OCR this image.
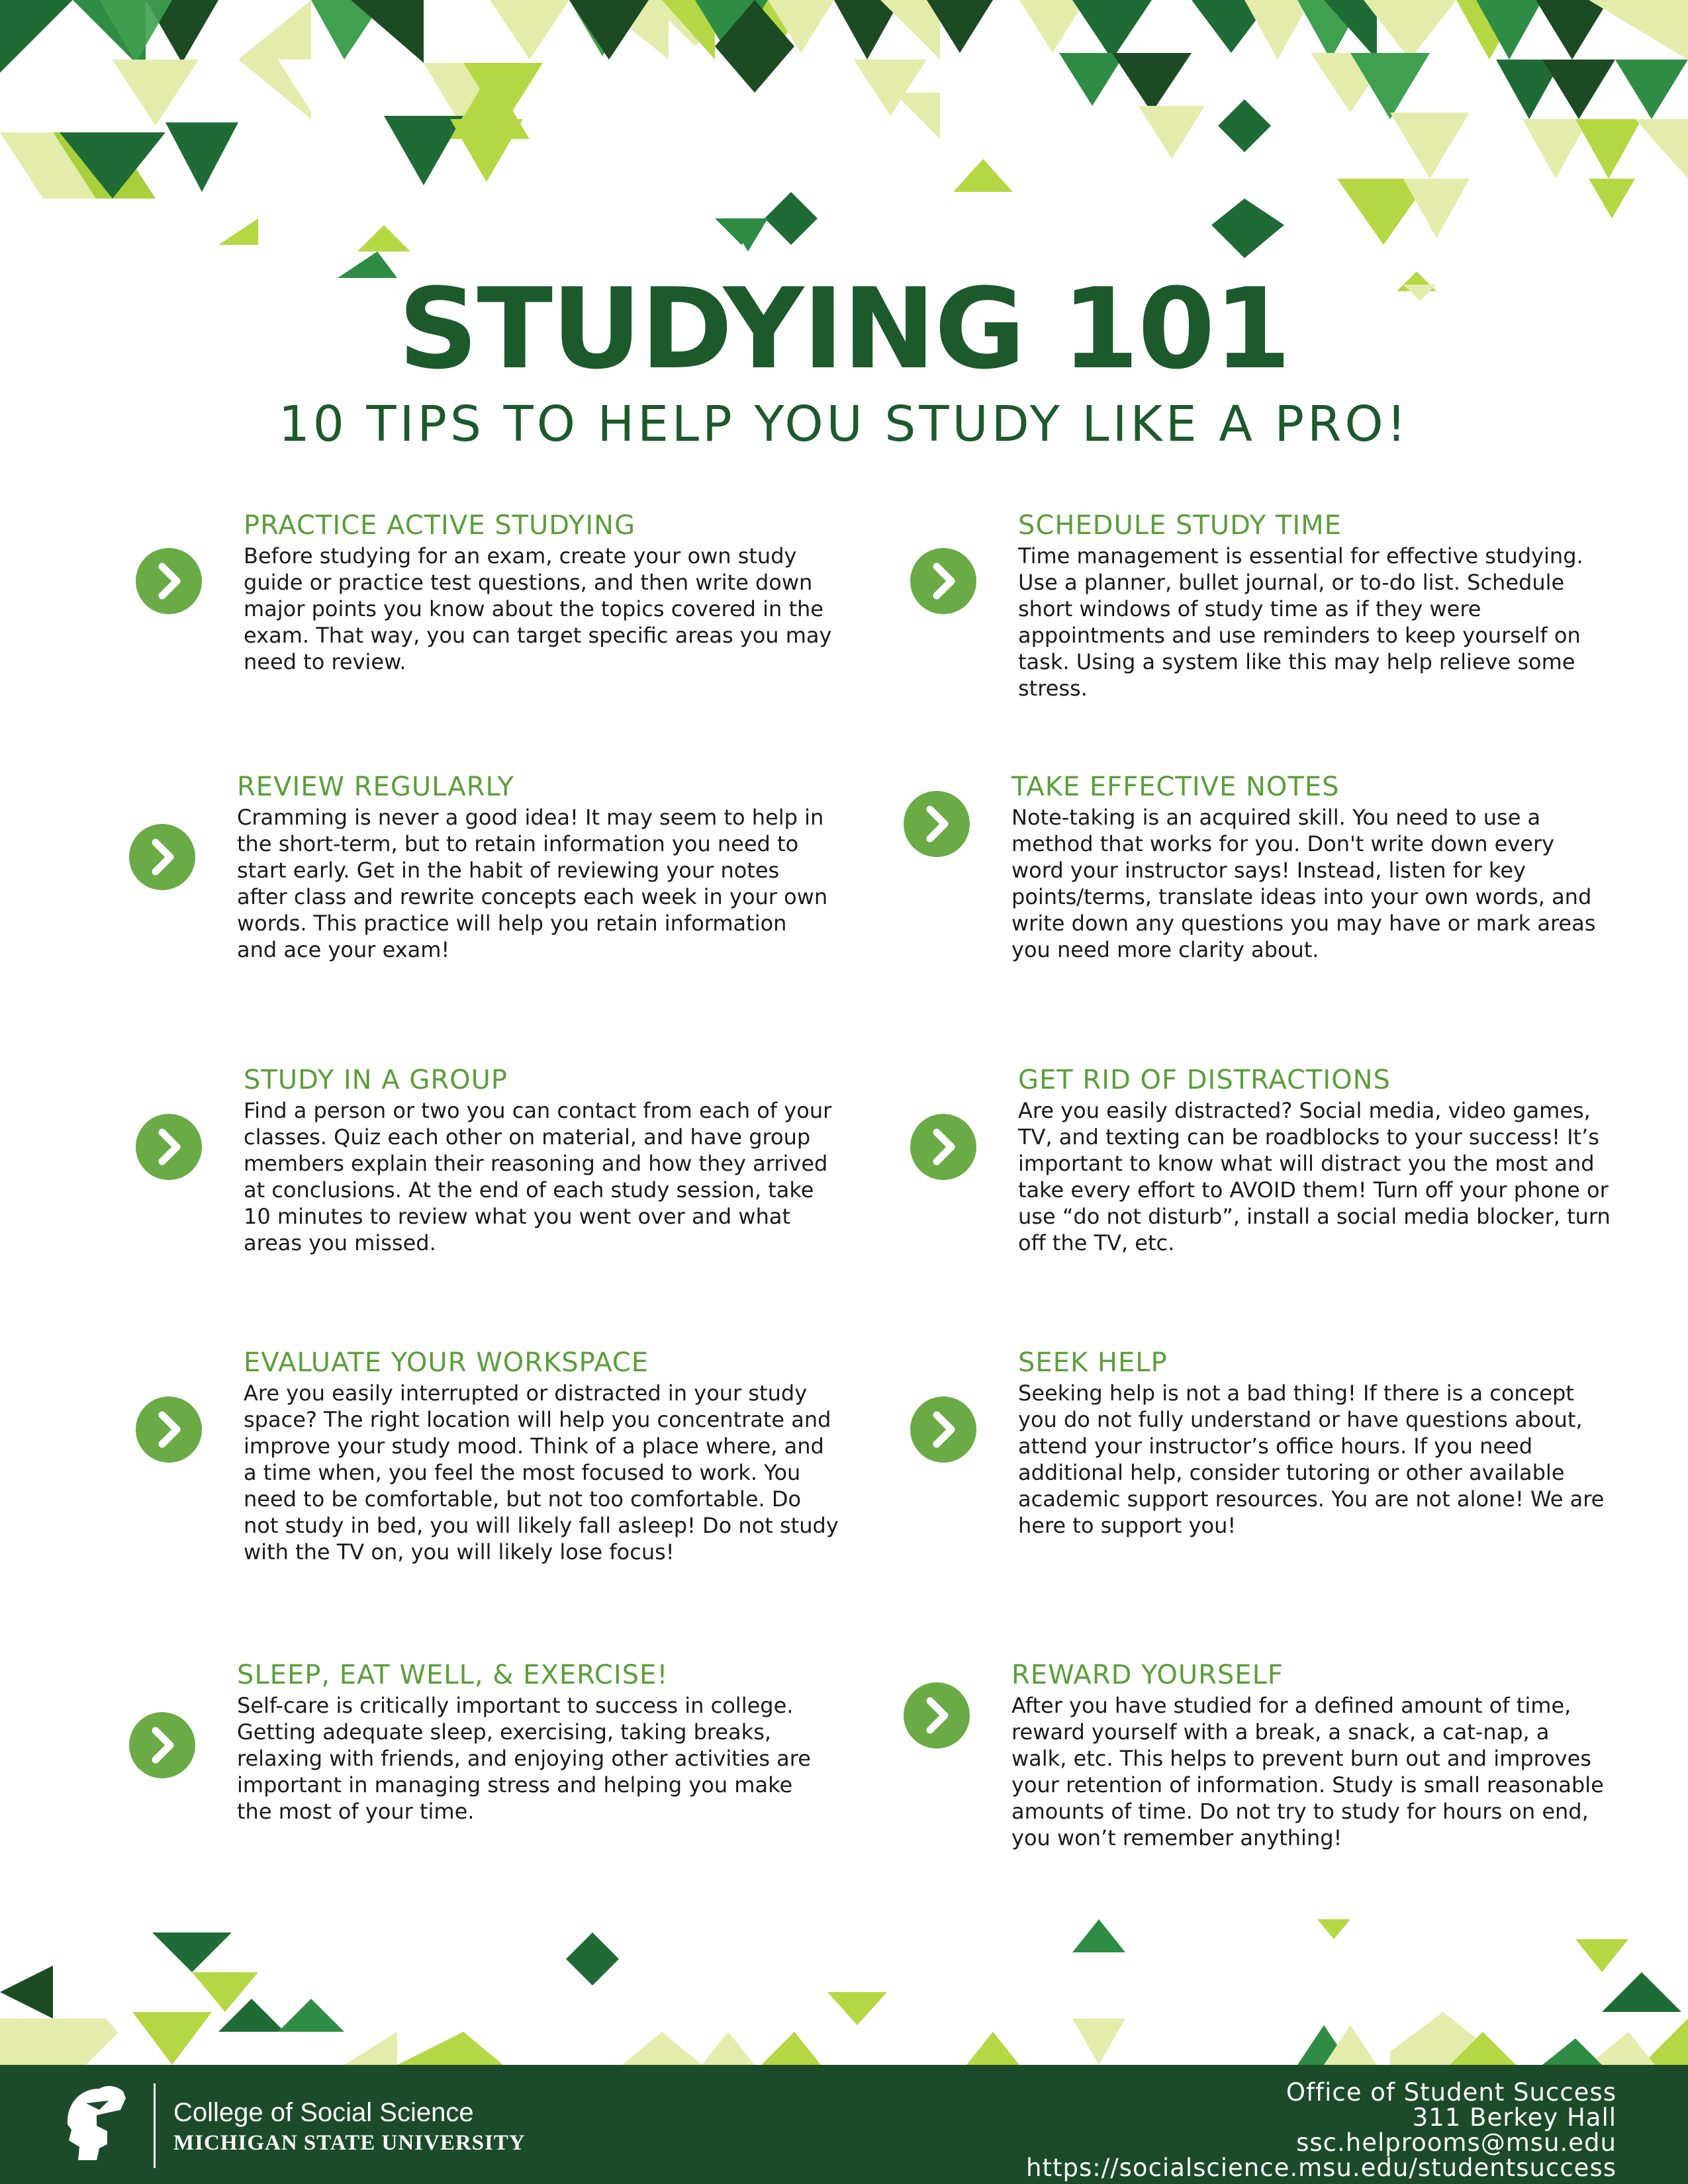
STUDYING 101
10 TIPS TO HELP YOU STUDY LIKE A PRO!
PRACTICE ACTIVE STUDYING

Before studying for an exam, create your own study guide or practice test questions, and then write down major points you know about the topics covered in the exam. That way, you can target specific areas you may need to review.

REVIEW REGULARLY

Cramming is never a good idea! It may seem to help in the short-term, but to retain information you need to start early. Get in the habit of reviewing your notes after class and rewrite concepts each week in your own words. This practice will help you retain information and ace your exam!

STUDY IN A GROUP

Find a person or two you can contact from each of your classes. Quiz each other on material, and have group members explain their reasoning and how they arrived at conclusions. At the end of each study session, take 10 minutes to review what you went over and what areas you missed.

EVALUATE YOUR WORKSPACE

Are you easily interrupted or distracted in your study space? The right location will help you concentrate and improve your study mood. Think of a place where, and a time when, you feel the most focused to work. You need to be comfortable, but not too comfortable. Do not study in bed, you will likely fall asleep! Do not study with the TV on, you will likely lose focus!

SLEEP, EAT WELL, & EXERCISE!

Self-care is critically important to success in college. Getting adequate sleep, exercising, taking breaks, relaxing with friends, and enjoying other activities are important in managing stress and helping you make the most of your time.

SCHEDULE STUDY TIME

Time management is essential for effective studying. Use a planner, bullet journal, or to-do list. Schedule short windows of study time as if they were appointments and use reminders to keep yourself on task. Using a system like this may help relieve some stress.

TAKE EFFECTIVE NOTES

Note-taking is an acquired skill. You need to use a method that works for you. Don't write down every word your instructor says! Instead, listen for key points/terms, translate ideas into your own words, and write down any questions you may have or mark areas you need more clarity about.

GET RID OF DISTRACTIONS

Are you easily distracted? Social media, video games, TV, and texting can be roadblocks to your success! It’s important to know what will distract you the most and take every effort to AVOID them! Turn off your phone or use “do not disturb”, install a social media blocker, turn off the TV, etc.

SEEK HELP

Seeking help is not a bad thing! If there is a concept you do not fully understand or have questions about, attend your instructor’s office hours. If you need additional help, consider tutoring or other available academic support resources. You are not alone! We are here to support you!

REWARD YOURSELF

After you have studied for a defined amount of time, reward yourself with a break, a snack, a cat-nap, a walk, etc. This helps to prevent burn out and improves your retention of information. Study is small reasonable amounts of time. Do not try to study for hours on end, you won’t remember anything!

College of Social Science
MICHIGAN STATE UNIVERSITY
Office of Student Success
311 Berkey Hall
ssc.helprooms@msu.edu
https://socialscience.msu.edu/studentsuccess
